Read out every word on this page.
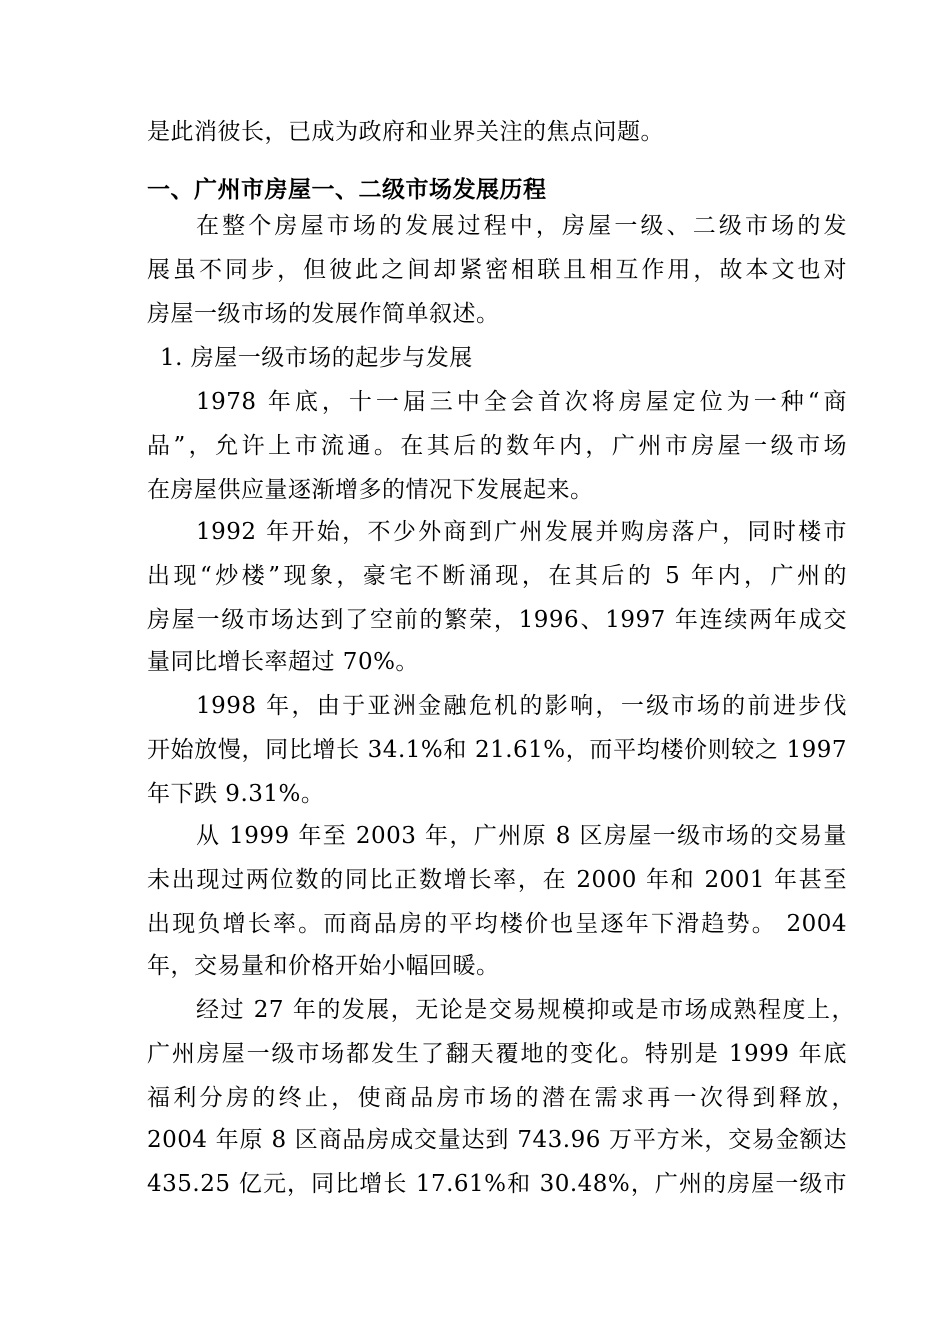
是此消彼长，已成为政府和业界关注的焦点问题。
一、广州市房屋一、二级市场发展历程
在整个房屋市场的发展过程中，房屋一级、二级市场的发
展虽不同步，但彼此之间却紧密相联且相互作用，故本文也对
房屋一级市场的发展作简单叙述。
1. 房屋一级市场的起步与发展
1978 年底，十一届三中全会首次将房屋定位为一种“商
品”，允许上市流通。在其后的数年内，广州市房屋一级市场
在房屋供应量逐渐增多的情况下发展起来。
1992 年开始，不少外商到广州发展并购房落户，同时楼市
出现“炒楼”现象，豪宅不断涌现，在其后的 5 年内，广州的
房屋一级市场达到了空前的繁荣，1996、1997 年连续两年成交
量同比增长率超过 70%。
1998 年，由于亚洲金融危机的影响，一级市场的前进步伐
开始放慢，同比增长 34.1%和 21.61%，而平均楼价则较之 1997
年下跌 9.31%。
从 1999 年至 2003 年，广州原 8 区房屋一级市场的交易量
未出现过两位数的同比正数增长率，在 2000 年和 2001 年甚至
出现负增长率。而商品房的平均楼价也呈逐年下滑趋势。 2004
年，交易量和价格开始小幅回暖。
经过 27 年的发展，无论是交易规模抑或是市场成熟程度上，
广州房屋一级市场都发生了翻天覆地的变化。特别是 1999 年底
福利分房的终止，使商品房市场的潜在需求再一次得到释放，
2004 年原 8 区商品房成交量达到 743.96 万平方米，交易金额达
435.25 亿元，同比增长 17.61%和 30.48%，广州的房屋一级市
